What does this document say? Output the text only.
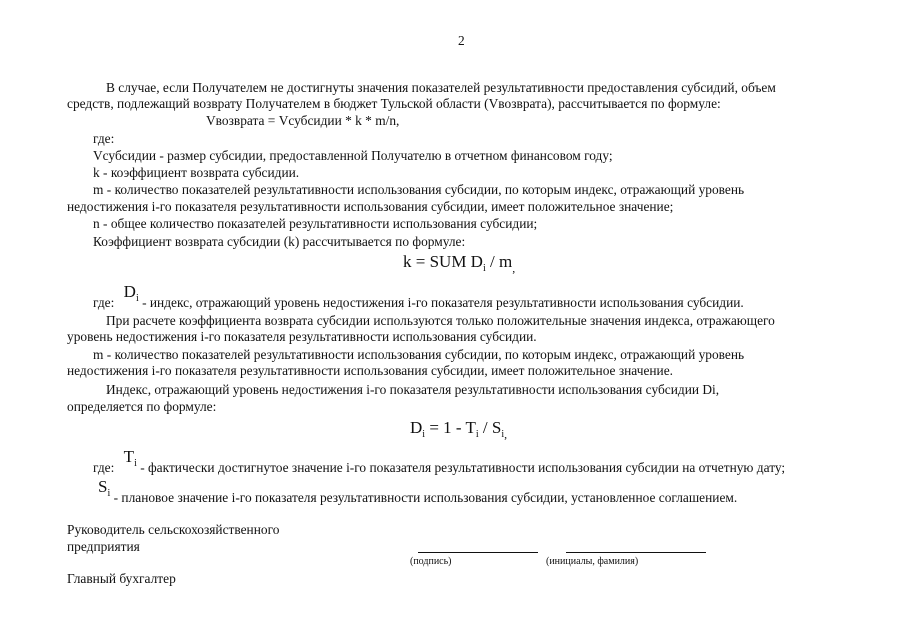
2
В случае, если Получателем не достигнуты значения показателей результативности предоставления субсидий, объем
средств, подлежащий возврату Получателем в бюджет Тульской области (Vвозврата), рассчитывается по формуле:
Vвозврата = Vсубсидии * k * m/n,
где:
Vсубсидии - размер субсидии, предоставленной Получателю в отчетном финансовом году;
k - коэффициент возврата субсидии.
m - количество показателей результативности использования субсидии, по которым индекс, отражающий уровень
недостижения i-го показателя результативности использования субсидии, имеет положительное значение;
n - общее количество показателей результативности использования субсидии;
Коэффициент возврата субсидии (k) рассчитывается по формуле:
k = SUM $D_i / m_,$
где: $D^i$ - индекс, отражающий уровень недостижения i-го показателя результативности использования субсидии.
При расчете коэффициента возврата субсидии используются только положительные значения индекса, отражающего
уровень недостижения i-го показателя результативности использования субсидии.
m - количество показателей результативности использования субсидии, по которым индекс, отражающий уровень
недостижения i-го показателя результативности использования субсидии, имеет положительное значение.
Индекс, отражающий уровень недостижения i-го показателя результативности использования субсидии Di,
определяется по формуле:
$D_i = 1 - T_i / S_{i,}$
где: $T^i$ - фактически достигнутое значение i-го показателя результативности использования субсидии на отчетную дату;
$S^i$ - плановое значение i-го показателя результативности использования субсидии, установленное соглашением.
Руководитель сельскохозяйственного
предприятия
(подпись)	(инициалы, фамилия)
Главный бухгалтер
